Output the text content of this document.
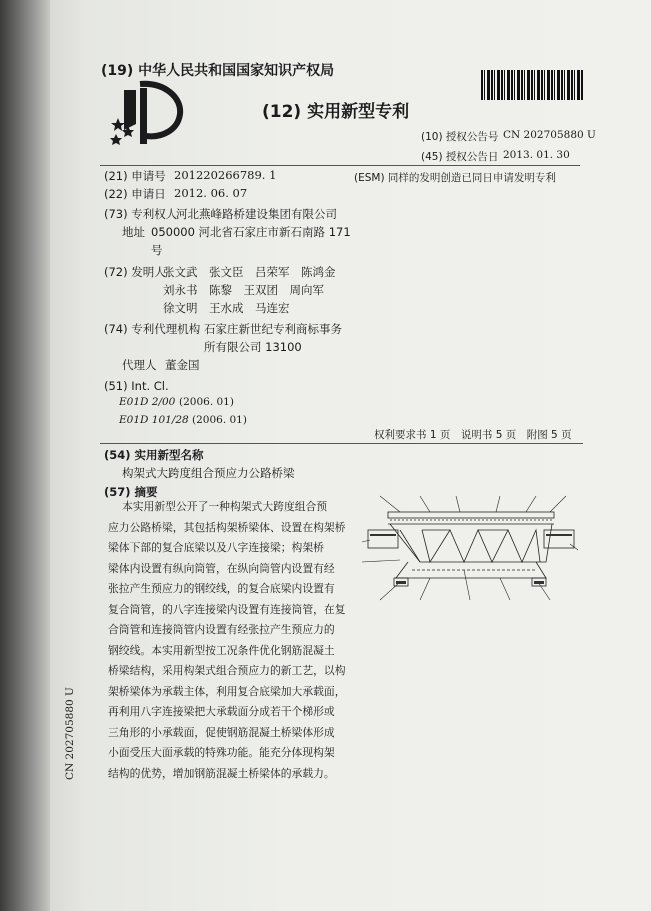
(19) 中华人民共和国国家知识产权局
(12) 实用新型专利
(10) 授权公告号 CN 202705880 U
(45) 授权公告日 2013. 01. 30
(21) 申请号 201220266789. 1	(ESM) 同样的发明创造已同日申请发明专利
(22) 申请日 2012. 06. 07
(73) 专利权人
河北燕峰路桥建设集团有限公司
地址 050000 河北省石家庄市新石南路 171
号
(72) 发明人
张文武　张文臣　吕荣军　陈鸿金
刘永书　陈黎　王双团　周向军
徐文明　王水成　马连宏
(74) 专利代理机构 石家庄新世纪专利商标事务
所有限公司 13100
代理人 董金国
(51) Int. Cl.
E01D 2/00 (2006. 01)
E01D 101/28 (2006. 01)
权利要求书 1 页　说明书 5 页　附图 5 页
(54) 实用新型名称
构架式大跨度组合预应力公路桥梁
(57) 摘要
本实用新型公开了一种构架式大跨度组合预
应力公路桥梁，其包括构架桥梁体、设置在构架桥
梁体下部的复合底梁以及八字连接梁；构架桥
梁体内设置有纵向筒管，在纵向筒管内设置有经
张拉产生预应力的钢绞线，的复合底梁内设置有
复合筒管，的八字连接梁内设置有连接筒管，在复
合筒管和连接筒管内设置有经张拉产生预应力的
钢绞线。本实用新型按工况条件优化钢筋混凝土
桥梁结构，采用构架式组合预应力的新工艺，以构
架桥梁体为承载主体，利用复合底梁加大承载面，
再利用八字连接梁把大承载面分成若干个梯形或
三角形的小承载面，促使钢筋混凝土桥梁体形成
小面受压大面承载的特殊功能。能充分体现构架
结构的优势，增加钢筋混凝土桥梁体的承载力。
CN 202705880 U
